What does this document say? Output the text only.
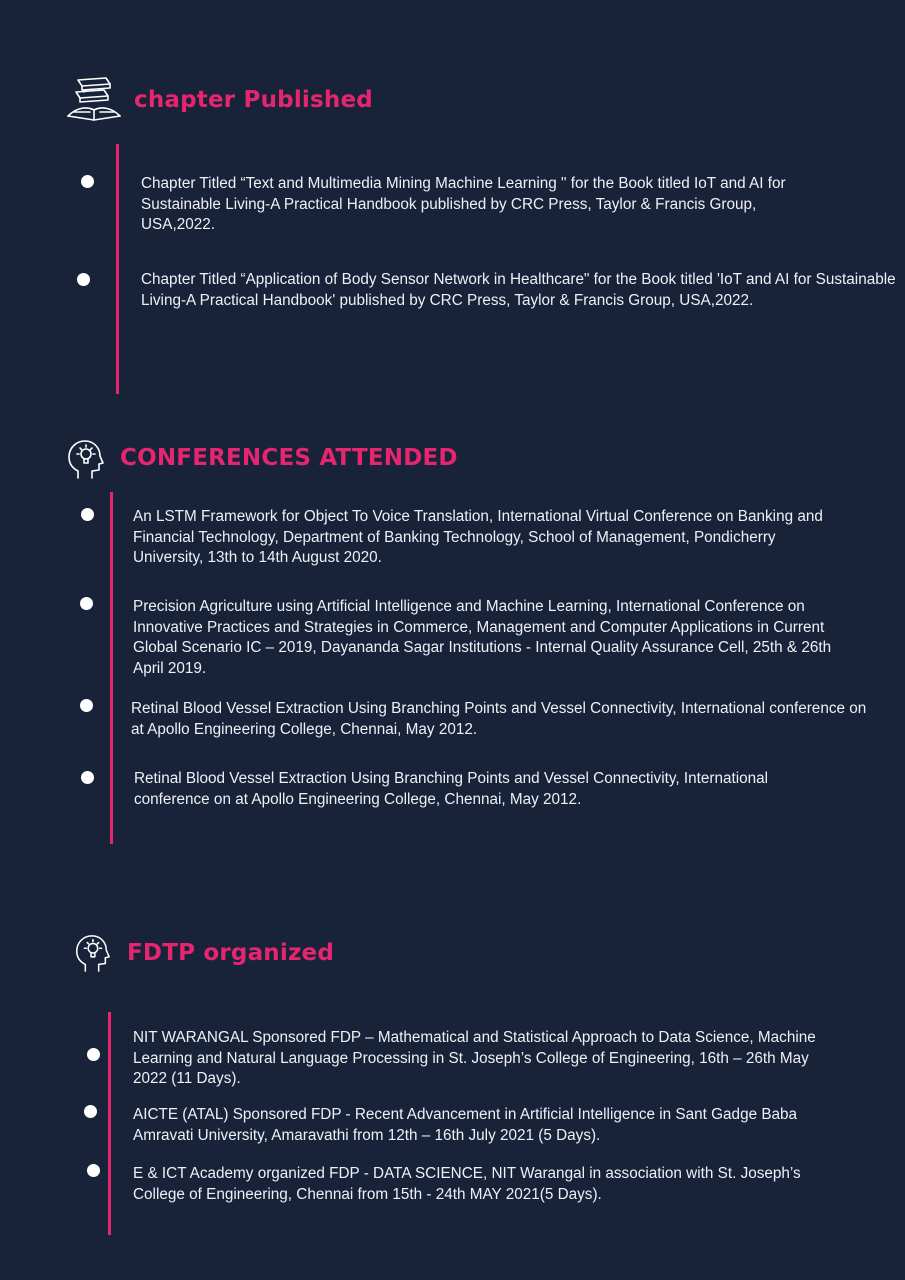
chapter Published
Chapter Titled “Text and Multimedia Mining Machine Learning " for the Book titled IoT and AI for Sustainable Living-A Practical Handbook published by CRC Press, Taylor & Francis Group, USA,2022.
Chapter Titled “Application of Body Sensor Network in Healthcare" for the Book titled 'IoT and AI for Sustainable Living-A Practical Handbook' published by CRC Press, Taylor & Francis Group, USA,2022.
CONFERENCES ATTENDED
An LSTM Framework for Object To Voice Translation, International Virtual Conference on Banking and Financial Technology, Department of Banking Technology, School of Management, Pondicherry University, 13th to 14th August 2020.
Precision Agriculture using Artificial Intelligence and Machine Learning, International Conference on Innovative Practices and Strategies in Commerce, Management and Computer Applications in Current Global Scenario IC – 2019, Dayananda Sagar Institutions - Internal Quality Assurance Cell, 25th & 26th April 2019.
Retinal Blood Vessel Extraction Using Branching Points and Vessel Connectivity, International conference on at Apollo Engineering College, Chennai, May 2012.
Retinal Blood Vessel Extraction Using Branching Points and Vessel Connectivity, International conference on at Apollo Engineering College, Chennai, May 2012.
FDTP organized
NIT WARANGAL Sponsored FDP – Mathematical and Statistical Approach to Data Science, Machine Learning and Natural Language Processing in St. Joseph’s College of Engineering, 16th – 26th May 2022 (11 Days).
AICTE (ATAL) Sponsored FDP - Recent Advancement in Artificial Intelligence in Sant Gadge Baba Amravati University, Amaravathi from 12th – 16th July 2021 (5 Days).
E & ICT Academy organized FDP - DATA SCIENCE, NIT Warangal in association with St. Joseph’s College of Engineering, Chennai from 15th - 24th MAY 2021(5 Days).
